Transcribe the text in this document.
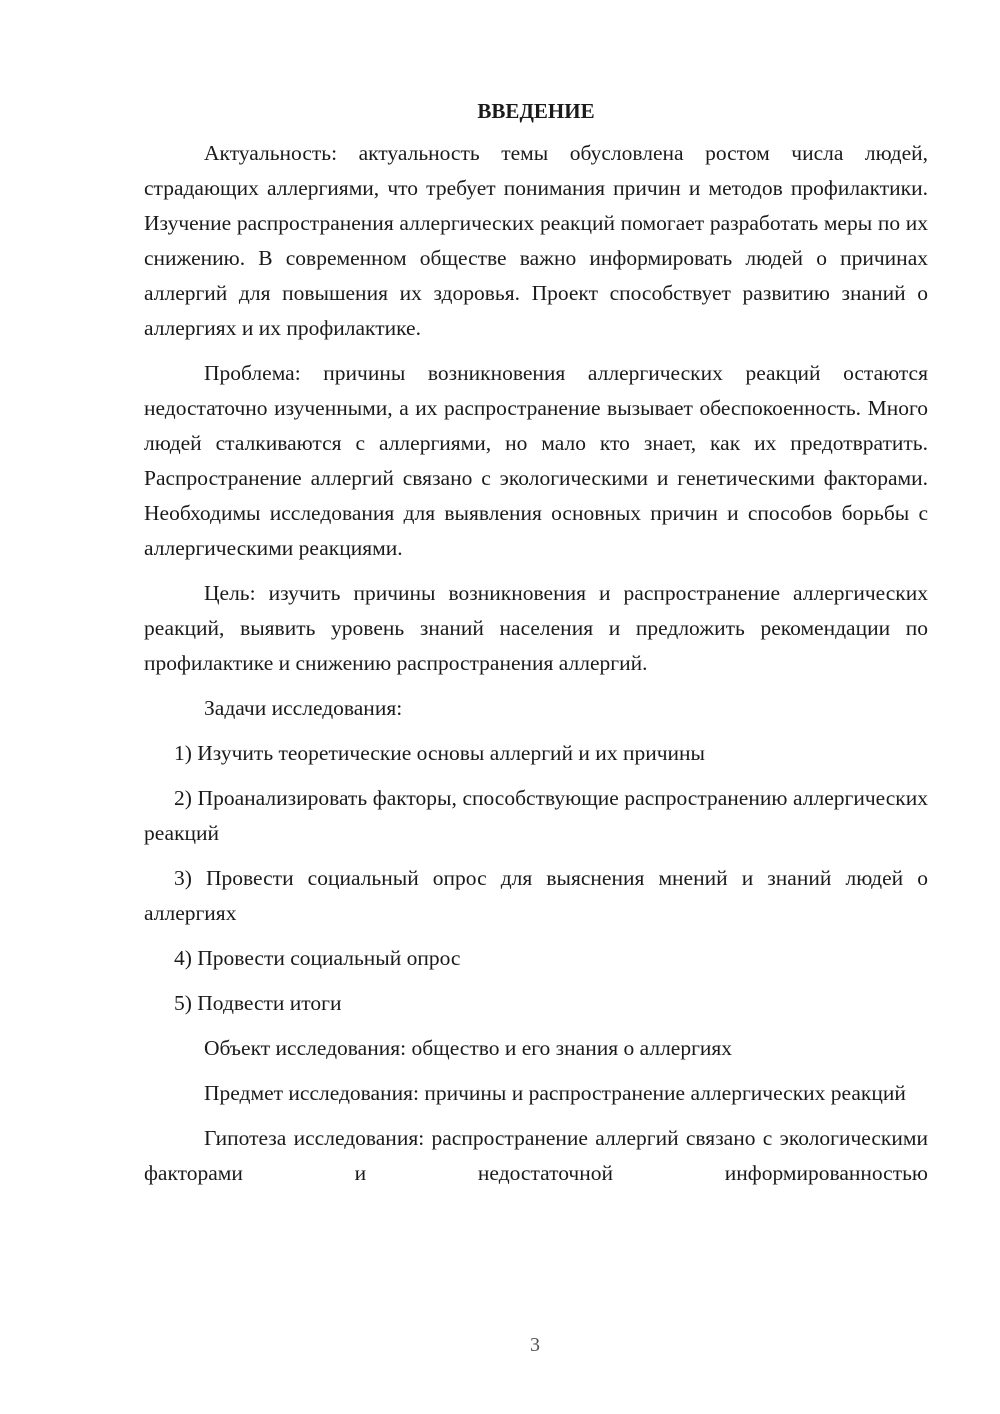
ВВЕДЕНИЕ

Актуальность: актуальность темы обусловлена ростом числа людей, страдающих аллергиями, что требует понимания причин и методов профилактики. Изучение распространения аллергических реакций помогает разработать меры по их снижению. В современном обществе важно информировать людей о причинах аллергий для повышения их здоровья. Проект способствует развитию знаний о аллергиях и их профилактике.

Проблема: причины возникновения аллергических реакций остаются недостаточно изученными, а их распространение вызывает обеспокоенность. Много людей сталкиваются с аллергиями, но мало кто знает, как их предотвратить. Распространение аллергий связано с экологическими и генетическими факторами. Необходимы исследования для выявления основных причин и способов борьбы с аллергическими реакциями.

Цель: изучить причины возникновения и распространение аллергических реакций, выявить уровень знаний населения и предложить рекомендации по профилактике и снижению распространения аллергий.

Задачи исследования:

1) Изучить теоретические основы аллергий и их причины

2) Проанализировать факторы, способствующие распространению аллергических реакций

3) Провести социальный опрос для выяснения мнений и знаний людей о аллергиях

4) Провести социальный опрос

5) Подвести итоги

Объект исследования: общество и его знания о аллергиях

Предмет исследования: причины и распространение аллергических реакций

Гипотеза исследования: распространение аллергий связано с экологическими факторами и недостаточной информированностью

3
